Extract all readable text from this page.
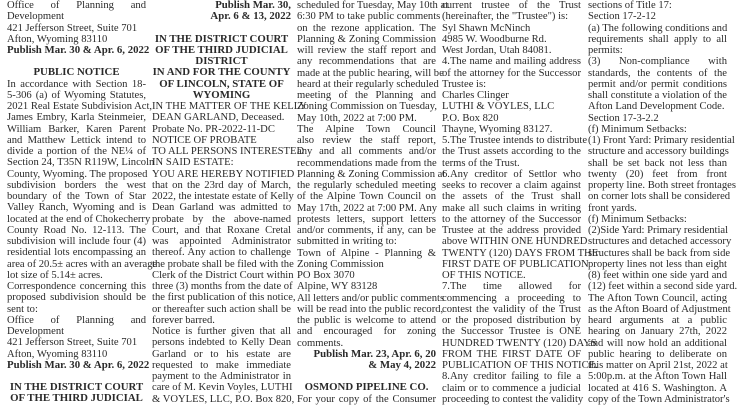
Office of Planning and
Development
421 Jefferson Street, Suite 701
Afton, Wyoming 83110
Publish Mar. 30 & Apr. 6, 2022
PUBLIC NOTICE
In accordance with Section 18-
5-306 (a) of Wyoming Statutes,
2021 Real Estate Subdivision Act,
James Embry, Karla Steinmeier,
William Barker, Karen Parent
and Matthew Lettick intend to
divide a portion of the NE¼ of
Section 24, T35N R119W, Lincoln
County, Wyoming. The proposed
subdivision borders the west
boundary of the Town of Star
Valley Ranch, Wyoming and is
located at the end of Chokecherry
County Road No. 12-113. The
subdivision will include four (4)
residential lots encompassing an
area of 20.5± acres with an average
lot size of 5.14± acres.
Correspondence concerning this
proposed subdivision should be
sent to:
Office of Planning and
Development
421 Jefferson Street, Suite 701
Afton, Wyoming 83110
Publish Mar. 30 & Apr. 6, 2022
IN THE DISTRICT COURT
OF THE THIRD JUDICIAL
Publish Mar. 30,
Apr. 6 & 13, 2022
IN THE DISTRICT COURT
OF THE THIRD JUDICIAL
DISTRICT
IN AND FOR THE COUNTY
OF LINCOLN, STATE OF
WYOMING
IN THE MATTER OF THE KELLY
DEAN GARLAND, Deceased.
Probate No. PR-2022-11-DC
NOTICE OF PROBATE
TO ALL PERSONS INTERESTED
IN SAID ESTATE:
YOU ARE HEREBY NOTIFIED
that on the 23rd day of March,
2022, the intestate estate of Kelly
Dean Garland was admitted to
probate by the above-named
Court, and that Roxane Cretal
was appointed Administrator
thereof. Any action to challenge
the probate shall be filed with the
Clerk of the District Court within
three (3) months from the date of
the first publication of this notice,
or thereafter such action shall be
forever barred.
Notice is further given that all
persons indebted to Kelly Dean
Garland or to his estate are
requested to make immediate
payment to the Administrator in
care of M. Kevin Voyles, LUTHI
& VOYLES, LLC, P.O. Box 820,
scheduled for Tuesday, May 10th at
6:30 PM to take public comments
on the rezone application. The
Planning & Zoning Commission
will review the staff report and
any recommendations that are
made at the public hearing, will be
heard at their regularly scheduled
meeting of the Planning and
Zoning Commission on Tuesday,
May 10th, 2022 at 7:00 PM.
The Alpine Town Council
also review the staff report,
any and all comments and/or
recommendations made from the
Planning & Zoning Commission at
the regularly scheduled meeting
of the Alpine Town Council on
May 17th, 2022 at 7:00 PM. Any
protests letters, support letters
and/or comments, if any, can be
submitted in writing to:
Town of Alpine - Planning &
Zoning Commission
PO Box 3070
Alpine, WY 83128
All letters and/or public comments
will be read into the public record,
the public is welcome to attend
and encouraged for zoning
comments.
Publish Mar. 23, Apr. 6, 20
& May 4, 2022
OSMOND PIPELINE CO.
For your copy of the Consumer
current trustee of the Trust
(hereinafter, the "Trustee") is:
Syl Shawn McNinch
4985 W. Woodburne Rd.
West Jordan, Utah 84081.
4.The name and mailing address
of the attorney for the Successor
Trustee is:
Charles Clinger
LUTHI & VOYLES, LLC
P.O. Box 820
Thayne, Wyoming 83127.
5.The Trustee intends to distribute
the Trust assets according to the
terms of the Trust.
6.Any creditor of Settlor who
seeks to recover a claim against
the assets of the Trust shall
make all such claims in writing
to the attorney of the Successor
Trustee at the address provided
above WITHIN ONE HUNDRED
TWENTY (120) DAYS FROM THE
FIRST DATE OF PUBLICATION
OF THIS NOTICE.
7.The time allowed for
commencing a proceeding to
contest the validity of the Trust
or the proposed distribution by
the Successor Trustee is ONE
HUNDRED TWENTY (120) DAYS
FROM THE FIRST DATE OF
PUBLICATION OF THIS NOTICE.
8.Any creditor failing to file a
claim or to commence a judicial
proceeding to contest the validity
sections of Title 17:
Section 17-2-12
(a) The following conditions and
requirements shall apply to all
permits:
(3) Non-compliance with
standards, the contents of the
permit and/or permit conditions
shall constitute a violation of the
Afton Land Development Code.
Section 17-3-2.2
(f) Minimum Setbacks:
(1) Front Yard: Primary residential
structure and accessory buildings
shall be set back not less than
twenty (20) feet from front
property line. Both street frontages
on corner lots shall be considered
front yards.
(f) Minimum Setbacks:
(2)Side Yard: Primary residential
structures and detached accessory
structures shall be back from side
property lines not less than eight
(8) feet within one side yard and
(12) feet within a second side yard.
The Afton Town Council, acting
as the Afton Board of Adjustment
heard arguments at a public
hearing on January 27th, 2022
and will now hold an additional
public hearing to deliberate on
this matter on April 21st, 2022 at
5:00p.m. at the Afton Town Hall
located at 416 S. Washington. A
copy of the Town Administrator's
